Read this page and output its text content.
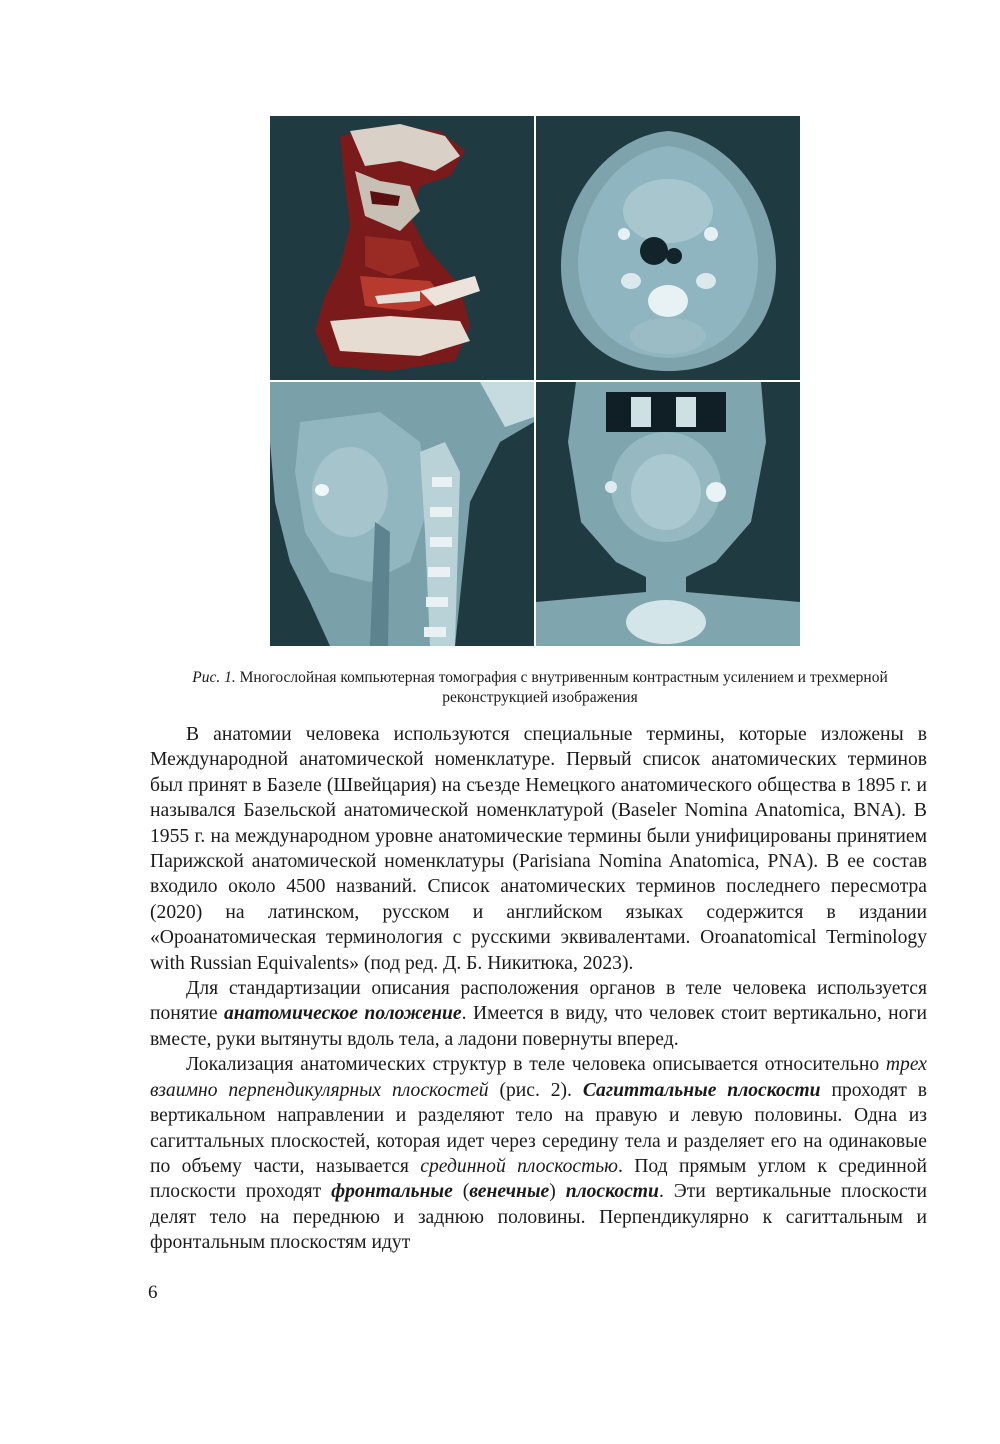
Рис. 1. Многослойная компьютерная томография с внутривенным контрастным усилением и трехмерной реконструкцией изображения

В анатомии человека используются специальные термины, которые изложены в Международной анатомической номенклатуре. Первый список анатомических терминов был принят в Базеле (Швейцария) на съезде Немецкого анатомического общества в 1895 г. и назывался Базельской анатомической номенклатурой (Baseler Nomina Anatomica, BNA). В 1955 г. на международном уровне анатомические термины были унифицированы принятием Парижской анатомической номенклатуры (Parisiana Nomina Anatomica, PNA). В ее состав входило около 4500 названий. Список анатомических терминов последнего пересмотра (2020) на латинском, русском и английском языках содержится в издании «Ороанатомическая терминология с русскими эквивалентами. Oroanatomical Terminology with Russian Equivalents» (под ред. Д. Б. Никитюка, 2023).

Для стандартизации описания расположения органов в теле человека используется понятие анатомическое положение. Имеется в виду, что человек стоит вертикально, ноги вместе, руки вытянуты вдоль тела, а ладони повернуты вперед.

Локализация анатомических структур в теле человека описывается относительно трех взаимно перпендикулярных плоскостей (рис. 2). Сагиттальные плоскости проходят в вертикальном направлении и разделяют тело на правую и левую половины. Одна из сагиттальных плоскостей, которая идет через середину тела и разделяет его на одинаковые по объему части, называется срединной плоскостью. Под прямым углом к срединной плоскости проходят фронтальные (венечные) плоскости. Эти вертикальные плоскости делят тело на переднюю и заднюю половины. Перпендикулярно к сагиттальным и фронтальным плоскостям идут

6
